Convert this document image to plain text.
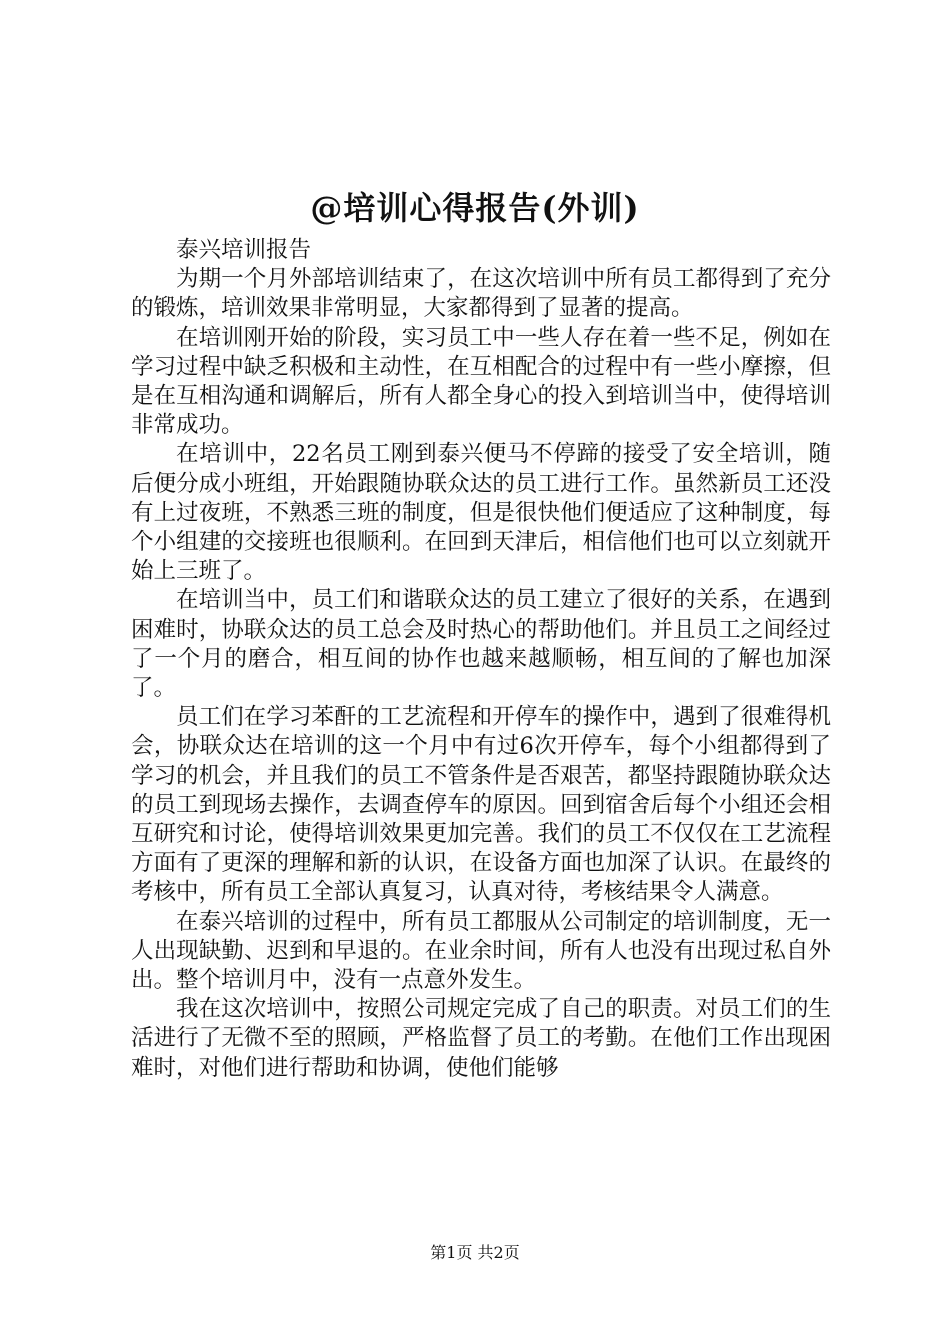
@培训心得报告(外训)

泰兴培训报告

为期一个月外部培训结束了，在这次培训中所有员工都得到了充分的锻炼，培训效果非常明显，大家都得到了显著的提高。

在培训刚开始的阶段，实习员工中一些人存在着一些不足，例如在学习过程中缺乏积极和主动性，在互相配合的过程中有一些小摩擦，但是在互相沟通和调解后，所有人都全身心的投入到培训当中，使得培训非常成功。

在培训中，22名员工刚到泰兴便马不停蹄的接受了安全培训，随后便分成小班组，开始跟随协联众达的员工进行工作。虽然新员工还没有上过夜班，不熟悉三班的制度，但是很快他们便适应了这种制度，每个小组建的交接班也很顺利。在回到天津后，相信他们也可以立刻就开始上三班了。

在培训当中，员工们和谐联众达的员工建立了很好的关系，在遇到困难时，协联众达的员工总会及时热心的帮助他们。并且员工之间经过了一个月的磨合，相互间的协作也越来越顺畅，相互间的了解也加深了。

员工们在学习苯酐的工艺流程和开停车的操作中，遇到了很难得机会，协联众达在培训的这一个月中有过6次开停车，每个小组都得到了学习的机会，并且我们的员工不管条件是否艰苦，都坚持跟随协联众达的员工到现场去操作，去调查停车的原因。回到宿舍后每个小组还会相互研究和讨论，使得培训效果更加完善。我们的员工不仅仅在工艺流程方面有了更深的理解和新的认识，在设备方面也加深了认识。在最终的考核中，所有员工全部认真复习，认真对待，考核结果令人满意。

在泰兴培训的过程中，所有员工都服从公司制定的培训制度，无一人出现缺勤、迟到和早退的。在业余时间，所有人也没有出现过私自外出。整个培训月中，没有一点意外发生。

我在这次培训中，按照公司规定完成了自己的职责。对员工们的生活进行了无微不至的照顾，严格监督了员工的考勤。在他们工作出现困难时，对他们进行帮助和协调，使他们能够

第1页 共2页
